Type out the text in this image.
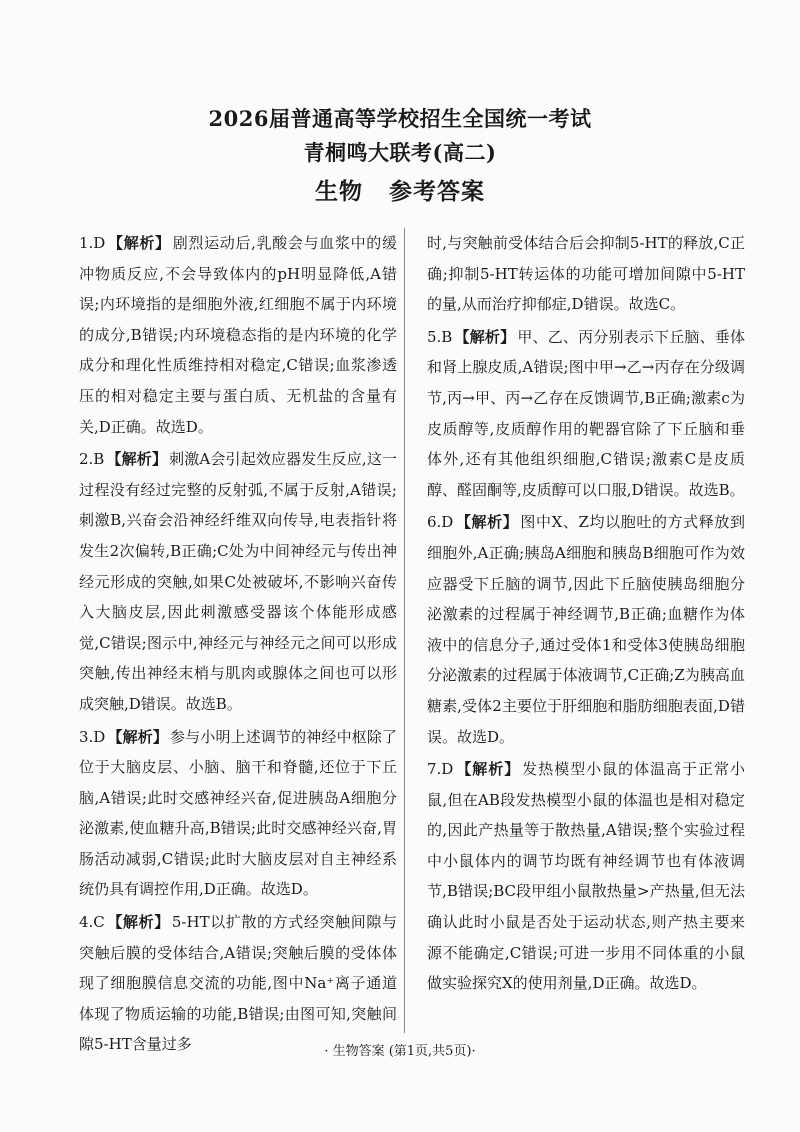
2026届普通高等学校招生全国统一考试
青桐鸣大联考(高二)
生物 参考答案
1.D 【解析】 剧烈运动后,乳酸会与血浆中的缓冲物质反应,不会导致体内的pH明显降低,A错误;内环境指的是细胞外液,红细胞不属于内环境的成分,B错误;内环境稳态指的是内环境的化学成分和理化性质维持相对稳定,C错误;血浆渗透压的相对稳定主要与蛋白质、无机盐的含量有关,D正确。故选D。
2.B 【解析】 刺激A会引起效应器发生反应,这一过程没有经过完整的反射弧,不属于反射,A错误;刺激B,兴奋会沿神经纤维双向传导,电表指针将发生2次偏转,B正确;C处为中间神经元与传出神经元形成的突触,如果C处被破坏,不影响兴奋传入大脑皮层,因此刺激感受器该个体能形成感觉,C错误;图示中,神经元与神经元之间可以形成突触,传出神经末梢与肌肉或腺体之间也可以形成突触,D错误。故选B。
3.D 【解析】 参与小明上述调节的神经中枢除了位于大脑皮层、小脑、脑干和脊髓,还位于下丘脑,A错误;此时交感神经兴奋,促进胰岛A细胞分泌激素,使血糖升高,B错误;此时交感神经兴奋,胃肠活动减弱,C错误;此时大脑皮层对自主神经系统仍具有调控作用,D正确。故选D。
4.C 【解析】 5-HT以扩散的方式经突触间隙与突触后膜的受体结合,A错误;突触后膜的受体体现了细胞膜信息交流的功能,图中Na⁺离子通道体现了物质运输的功能,B错误;由图可知,突触间隙5-HT含量过多
时,与突触前受体结合后会抑制5-HT的释放,C正确;抑制5-HT转运体的功能可增加间隙中5-HT的量,从而治疗抑郁症,D错误。故选C。
5.B 【解析】 甲、乙、丙分别表示下丘脑、垂体和肾上腺皮质,A错误;图中甲→乙→丙存在分级调节,丙→甲、丙→乙存在反馈调节,B正确;激素c为皮质醇等,皮质醇作用的靶器官除了下丘脑和垂体外,还有其他组织细胞,C错误;激素C是皮质醇、醛固酮等,皮质醇可以口服,D错误。故选B。
6.D 【解析】 图中X、Z均以胞吐的方式释放到细胞外,A正确;胰岛A细胞和胰岛B细胞可作为效应器受下丘脑的调节,因此下丘脑使胰岛细胞分泌激素的过程属于神经调节,B正确;血糖作为体液中的信息分子,通过受体1和受体3使胰岛细胞分泌激素的过程属于体液调节,C正确;Z为胰高血糖素,受体2主要位于肝细胞和脂肪细胞表面,D错误。故选D。
7.D 【解析】 发热模型小鼠的体温高于正常小鼠,但在AB段发热模型小鼠的体温也是相对稳定的,因此产热量等于散热量,A错误;整个实验过程中小鼠体内的调节均既有神经调节也有体液调节,B错误;BC段甲组小鼠散热量>产热量,但无法确认此时小鼠是否处于运动状态,则产热主要来源不能确定,C错误;可进一步用不同体重的小鼠做实验探究X的使用剂量,D正确。故选D。
· 生物答案 (第1页,共5页)·
